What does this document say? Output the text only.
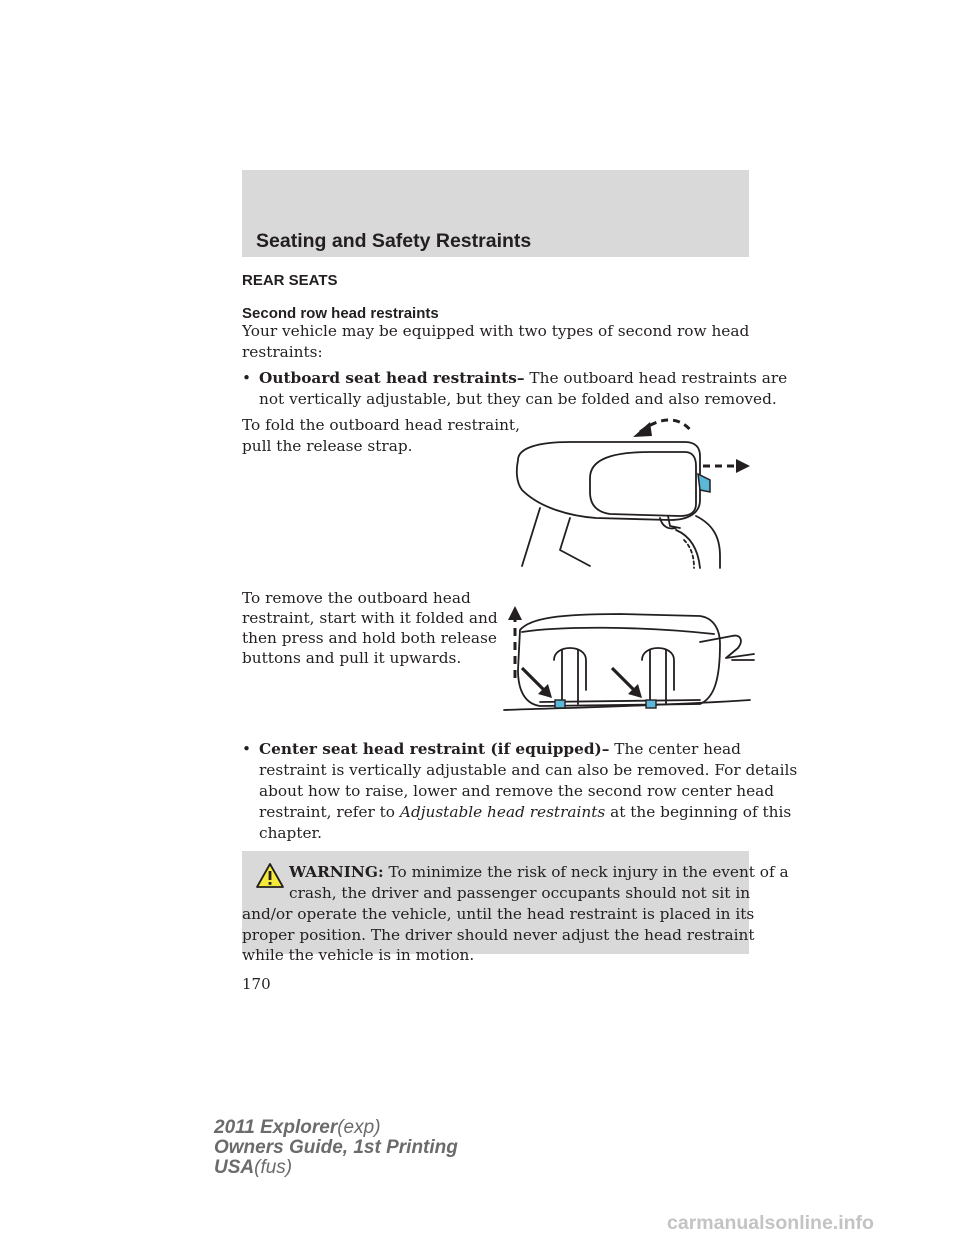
Seating and Safety Restraints
REAR SEATS
Second row head restraints
Your vehicle may be equipped with two types of second row head
restraints:
• Outboard seat head restraints– The outboard head restraints are
not vertically adjustable, but they can be folded and also removed.
To fold the outboard head restraint,
pull the release strap.
To remove the outboard head
restraint, start with it folded and
then press and hold both release
buttons and pull it upwards.
• Center seat head restraint (if equipped)– The center head
restraint is vertically adjustable and can also be removed. For details
about how to raise, lower and remove the second row center head
restraint, refer to Adjustable head restraints at the beginning of this
chapter.
WARNING: To minimize the risk of neck injury in the event of a
crash, the driver and passenger occupants should not sit in
and/or operate the vehicle, until the head restraint is placed in its
proper position. The driver should never adjust the head restraint
while the vehicle is in motion.
170
2011 Explorer(exp)
Owners Guide, 1st Printing
USA(fus)
carmanualsonline.info
